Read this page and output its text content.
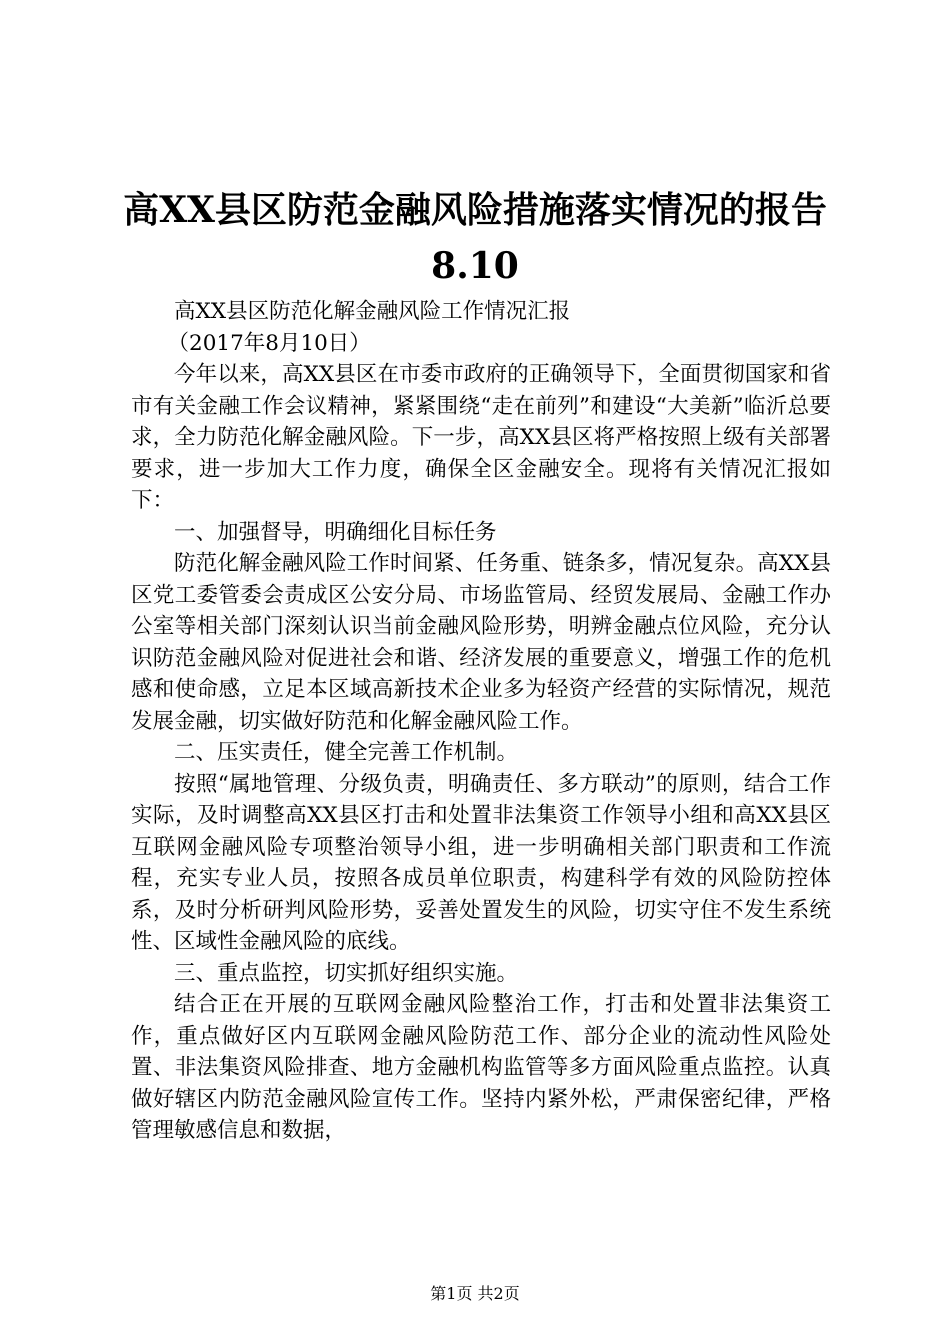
高XX县区防范金融风险措施落实情况的报告
8.10

高XX县区防范化解金融风险工作情况汇报

（2017年8月10日）

今年以来，高XX县区在市委市政府的正确领导下，全面贯彻国家和省市有关金融工作会议精神，紧紧围绕“走在前列”和建设“大美新”临沂总要求，全力防范化解金融风险。下一步，高XX县区将严格按照上级有关部署要求，进一步加大工作力度，确保全区金融安全。现将有关情况汇报如下：

一、加强督导，明确细化目标任务

防范化解金融风险工作时间紧、任务重、链条多，情况复杂。高XX县区党工委管委会责成区公安分局、市场监管局、经贸发展局、金融工作办公室等相关部门深刻认识当前金融风险形势，明辨金融点位风险，充分认识防范金融风险对促进社会和谐、经济发展的重要意义，增强工作的危机感和使命感，立足本区域高新技术企业多为轻资产经营的实际情况，规范发展金融，切实做好防范和化解金融风险工作。

二、压实责任，健全完善工作机制。

按照“属地管理、分级负责，明确责任、多方联动”的原则，结合工作实际，及时调整高XX县区打击和处置非法集资工作领导小组和高XX县区互联网金融风险专项整治领导小组，进一步明确相关部门职责和工作流程，充实专业人员，按照各成员单位职责，构建科学有效的风险防控体系，及时分析研判风险形势，妥善处置发生的风险，切实守住不发生系统性、区域性金融风险的底线。

三、重点监控，切实抓好组织实施。

结合正在开展的互联网金融风险整治工作，打击和处置非法集资工作，重点做好区内互联网金融风险防范工作、部分企业的流动性风险处置、非法集资风险排查、地方金融机构监管等多方面风险重点监控。认真做好辖区内防范金融风险宣传工作。坚持内紧外松，严肃保密纪律，严格管理敏感信息和数据，

第1页 共2页
